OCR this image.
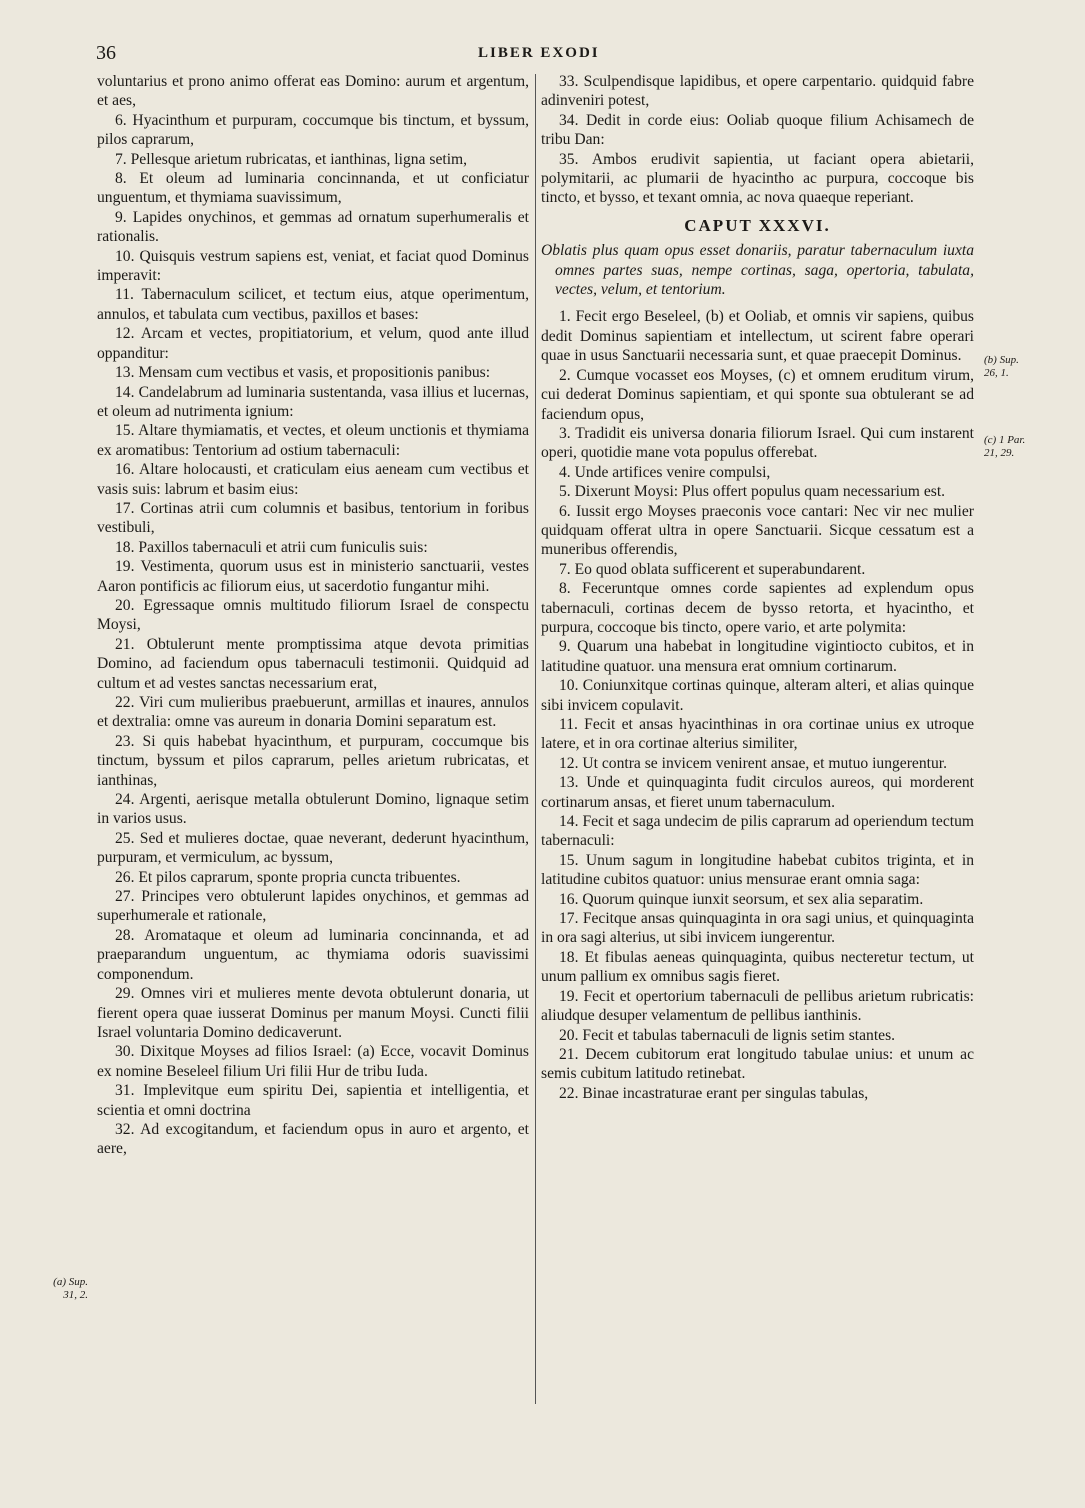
36	LIBER EXODI

voluntarius et prono animo offerat eas Domino: aurum et argentum, et aes,

6. Hyacinthum et purpuram, coccumque bis tinctum, et byssum, pilos caprarum,

7. Pellesque arietum rubricatas, et ianthinas, ligna setim,

8. Et oleum ad luminaria concinnanda, et ut conficiatur unguentum, et thymiama suavissimum,

9. Lapides onychinos, et gemmas ad ornatum superhumeralis et rationalis.

10. Quisquis vestrum sapiens est, veniat, et faciat quod Dominus imperavit:

11. Tabernaculum scilicet, et tectum eius, atque operimentum, annulos, et tabulata cum vectibus, paxillos et bases:

12. Arcam et vectes, propitiatorium, et velum, quod ante illud oppanditur:

13. Mensam cum vectibus et vasis, et propositionis panibus:

14. Candelabrum ad luminaria sustentanda, vasa illius et lucernas, et oleum ad nutrimenta ignium:

15. Altare thymiamatis, et vectes, et oleum unctionis et thymiama ex aromatibus: Tentorium ad ostium tabernaculi:

16. Altare holocausti, et craticulam eius aeneam cum vectibus et vasis suis: labrum et basim eius:

17. Cortinas atrii cum columnis et basibus, tentorium in foribus vestibuli,

18. Paxillos tabernaculi et atrii cum funiculis suis:

19. Vestimenta, quorum usus est in ministerio sanctuarii, vestes Aaron pontificis ac filiorum eius, ut sacerdotio fungantur mihi.

20. Egressaque omnis multitudo filiorum Israel de conspectu Moysi,

21. Obtulerunt mente promptissima atque devota primitias Domino, ad faciendum opus tabernaculi testimonii. Quidquid ad cultum et ad vestes sanctas necessarium erat,

22. Viri cum mulieribus praebuerunt, armillas et inaures, annulos et dextralia: omne vas aureum in donaria Domini separatum est.

23. Si quis habebat hyacinthum, et purpuram, coccumque bis tinctum, byssum et pilos caprarum, pelles arietum rubricatas, et ianthinas,

24. Argenti, aerisque metalla obtulerunt Domino, lignaque setim in varios usus.

25. Sed et mulieres doctae, quae neverant, dederunt hyacinthum, purpuram, et vermiculum, ac byssum,

26. Et pilos caprarum, sponte propria cuncta tribuentes.

27. Principes vero obtulerunt lapides onychinos, et gemmas ad superhumerale et rationale,

28. Aromataque et oleum ad luminaria concinnanda, et ad praeparandum unguentum, ac thymiama odoris suavissimi componendum.

29. Omnes viri et mulieres mente devota obtulerunt donaria, ut fierent opera quae iusserat Dominus per manum Moysi. Cuncti filii Israel voluntaria Domino dedicaverunt.

30. Dixitque Moyses ad filios Israel: (a) Ecce, vocavit Dominus ex nomine Beseleel filium Uri filii Hur de tribu Iuda.

31. Implevitque eum spiritu Dei, sapientia et intelligentia, et scientia et omni doctrina

32. Ad excogitandum, et faciendum opus in auro et argento, et aere,

33. Sculpendisque lapidibus, et opere carpentario. quidquid fabre adinveniri potest,

34. Dedit in corde eius: Ooliab quoque filium Achisamech de tribu Dan:

35. Ambos erudivit sapientia, ut faciant opera abietarii, polymitarii, ac plumarii de hyacintho ac purpura, coccoque bis tincto, et bysso, et texant omnia, ac nova quaeque reperiant.

CAPUT XXXVI.

Oblatis plus quam opus esset donariis, paratur tabernaculum iuxta omnes partes suas, nempe cortinas, saga, opertoria, tabulata, vectes, velum, et tentorium.

1. Fecit ergo Beseleel, (b) et Ooliab, et omnis vir sapiens, quibus dedit Dominus sapientiam et intellectum, ut scirent fabre operari quae in usus Sanctuarii necessaria sunt, et quae praecepit Dominus.

2. Cumque vocasset eos Moyses, (c) et omnem eruditum virum, cui dederat Dominus sapientiam, et qui sponte sua obtulerant se ad faciendum opus,

3. Tradidit eis universa donaria filiorum Israel. Qui cum instarent operi, quotidie mane vota populus offerebat.

4. Unde artifices venire compulsi,

5. Dixerunt Moysi: Plus offert populus quam necessarium est.

6. Iussit ergo Moyses praeconis voce cantari: Nec vir nec mulier quidquam offerat ultra in opere Sanctuarii. Sicque cessatum est a muneribus offerendis,

7. Eo quod oblata sufficerent et superabundarent.

8. Feceruntque omnes corde sapientes ad explendum opus tabernaculi, cortinas decem de bysso retorta, et hyacintho, et purpura, coccoque bis tincto, opere vario, et arte polymita:

9. Quarum una habebat in longitudine vigintiocto cubitos, et in latitudine quatuor. una mensura erat omnium cortinarum.

10. Coniunxitque cortinas quinque, alteram alteri, et alias quinque sibi invicem copulavit.

11. Fecit et ansas hyacinthinas in ora cortinae unius ex utroque latere, et in ora cortinae alterius similiter,

12. Ut contra se invicem venirent ansae, et mutuo iungerentur.

13. Unde et quinquaginta fudit circulos aureos, qui morderent cortinarum ansas, et fieret unum tabernaculum.

14. Fecit et saga undecim de pilis caprarum ad operiendum tectum tabernaculi:

15. Unum sagum in longitudine habebat cubitos triginta, et in latitudine cubitos quatuor: unius mensurae erant omnia saga:

16. Quorum quinque iunxit seorsum, et sex alia separatim.

17. Fecitque ansas quinquaginta in ora sagi unius, et quinquaginta in ora sagi alterius, ut sibi invicem iungerentur.

18. Et fibulas aeneas quinquaginta, quibus necteretur tectum, ut unum pallium ex omnibus sagis fieret.

19. Fecit et opertorium tabernaculi de pellibus arietum rubricatis: aliudque desuper velamentum de pellibus ianthinis.

20. Fecit et tabulas tabernaculi de lignis setim stantes.

21. Decem cubitorum erat longitudo tabulae unius: et unum ac semis cubitum latitudo retinebat.

22. Binae incastraturae erant per singulas tabulas,

(a) Sup.
31, 2.
(b) Sup.
26, 1.
(c) 1 Par.
21, 29.
